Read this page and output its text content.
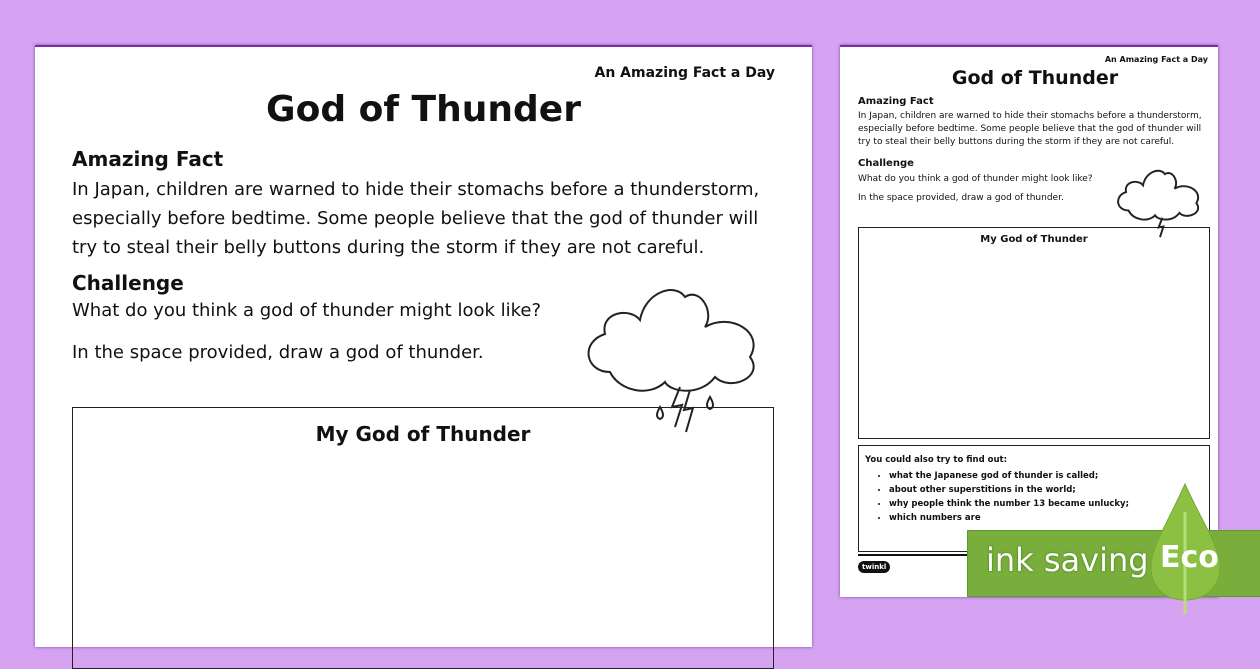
An Amazing Fact a Day
God of Thunder
Amazing Fact

In Japan, children are warned to hide their stomachs before a thunderstorm, especially before bedtime. Some people believe that the god of thunder will try to steal their belly buttons during the storm if they are not careful.

Challenge

What do you think a god of thunder might look like?

In the space provided, draw a god of thunder.

My God of Thunder
An Amazing Fact a Day
God of Thunder
Amazing Fact

In Japan, children are warned to hide their stomachs before a thunderstorm, especially before bedtime. Some people believe that the god of thunder will try to steal their belly buttons during the storm if they are not careful.

Challenge

What do you think a god of thunder might look like?

In the space provided, draw a god of thunder.

My God of Thunder
You could also try to find out:
• what the Japanese god of thunder is called;
• about other superstitions in the world;
• why people think the number 13 became unlucky;
• which numbers are
twinkl	ink saving Eco
